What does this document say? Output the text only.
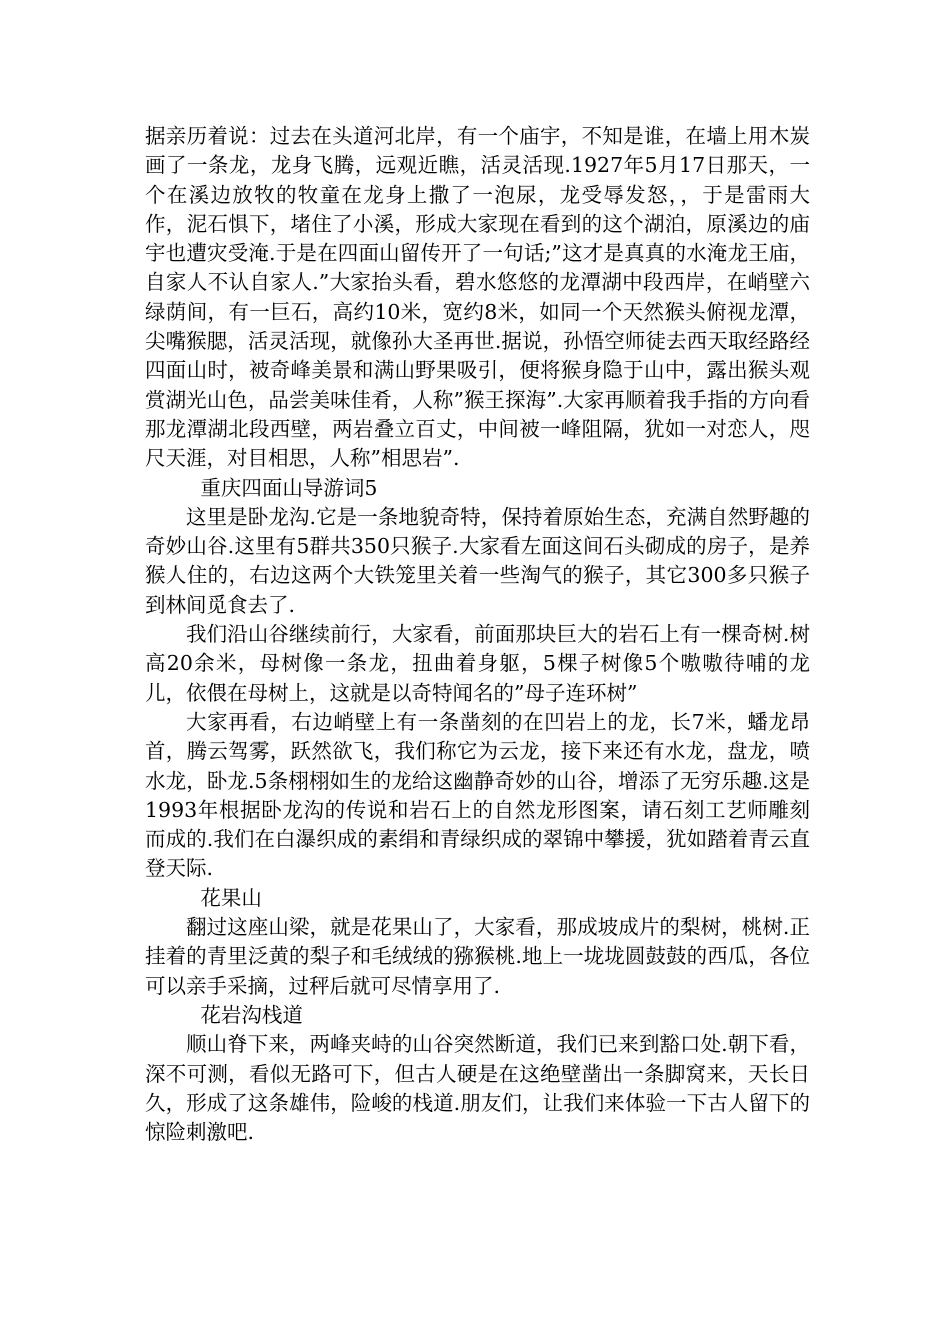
据亲历着说：过去在头道河北岸，有一个庙宇，不知是谁，在墙上用木炭画了一条龙，龙身飞腾，远观近瞧，活灵活现.1927年5月17日那天，一个在溪边放牧的牧童在龙身上撒了一泡尿，龙受辱发怒，，于是雷雨大作，泥石惧下，堵住了小溪，形成大家现在看到的这个湖泊，原溪边的庙宇也遭灾受淹.于是在四面山留传开了一句话;”这才是真真的水淹龙王庙，自家人不认自家人.”大家抬头看，碧水悠悠的龙潭湖中段西岸，在峭壁六绿荫间，有一巨石，高约10米，宽约8米，如同一个天然猴头俯视龙潭，尖嘴猴腮，活灵活现，就像孙大圣再世.据说，孙悟空师徒去西天取经路经四面山时，被奇峰美景和满山野果吸引，便将猴身隐于山中，露出猴头观赏湖光山色，品尝美味佳肴，人称”猴王探海”.大家再顺着我手指的方向看那龙潭湖北段西壁，两岩叠立百丈，中间被一峰阻隔，犹如一对恋人，咫尺天涯，对目相思，人称”相思岩”.

重庆四面山导游词5

这里是卧龙沟.它是一条地貌奇特，保持着原始生态，充满自然野趣的奇妙山谷.这里有5群共350只猴子.大家看左面这间石头砌成的房子，是养猴人住的，右边这两个大铁笼里关着一些淘气的猴子，其它300多只猴子到林间觅食去了.

我们沿山谷继续前行，大家看，前面那块巨大的岩石上有一棵奇树.树高20余米，母树像一条龙，扭曲着身躯，5棵子树像5个嗷嗷待哺的龙儿，依偎在母树上，这就是以奇特闻名的”母子连环树”

大家再看，右边峭壁上有一条凿刻的在凹岩上的龙，长7米，蟠龙昂首，腾云驾雾，跃然欲飞，我们称它为云龙，接下来还有水龙，盘龙，喷水龙，卧龙.5条栩栩如生的龙给这幽静奇妙的山谷，增添了无穷乐趣.这是1993年根据卧龙沟的传说和岩石上的自然龙形图案，请石刻工艺师雕刻而成的.我们在白瀑织成的素绢和青绿织成的翠锦中攀援，犹如踏着青云直登天际.

花果山

翻过这座山梁，就是花果山了，大家看，那成坡成片的梨树，桃树.正挂着的青里泛黄的梨子和毛绒绒的猕猴桃.地上一垅垅圆鼓鼓的西瓜，各位可以亲手采摘，过秤后就可尽情享用了.

花岩沟栈道

顺山脊下来，两峰夹峙的山谷突然断道，我们已来到豁口处.朝下看，深不可测，看似无路可下，但古人硬是在这绝壁凿出一条脚窝来，天长日久，形成了这条雄伟，险峻的栈道.朋友们，让我们来体验一下古人留下的惊险刺激吧.
